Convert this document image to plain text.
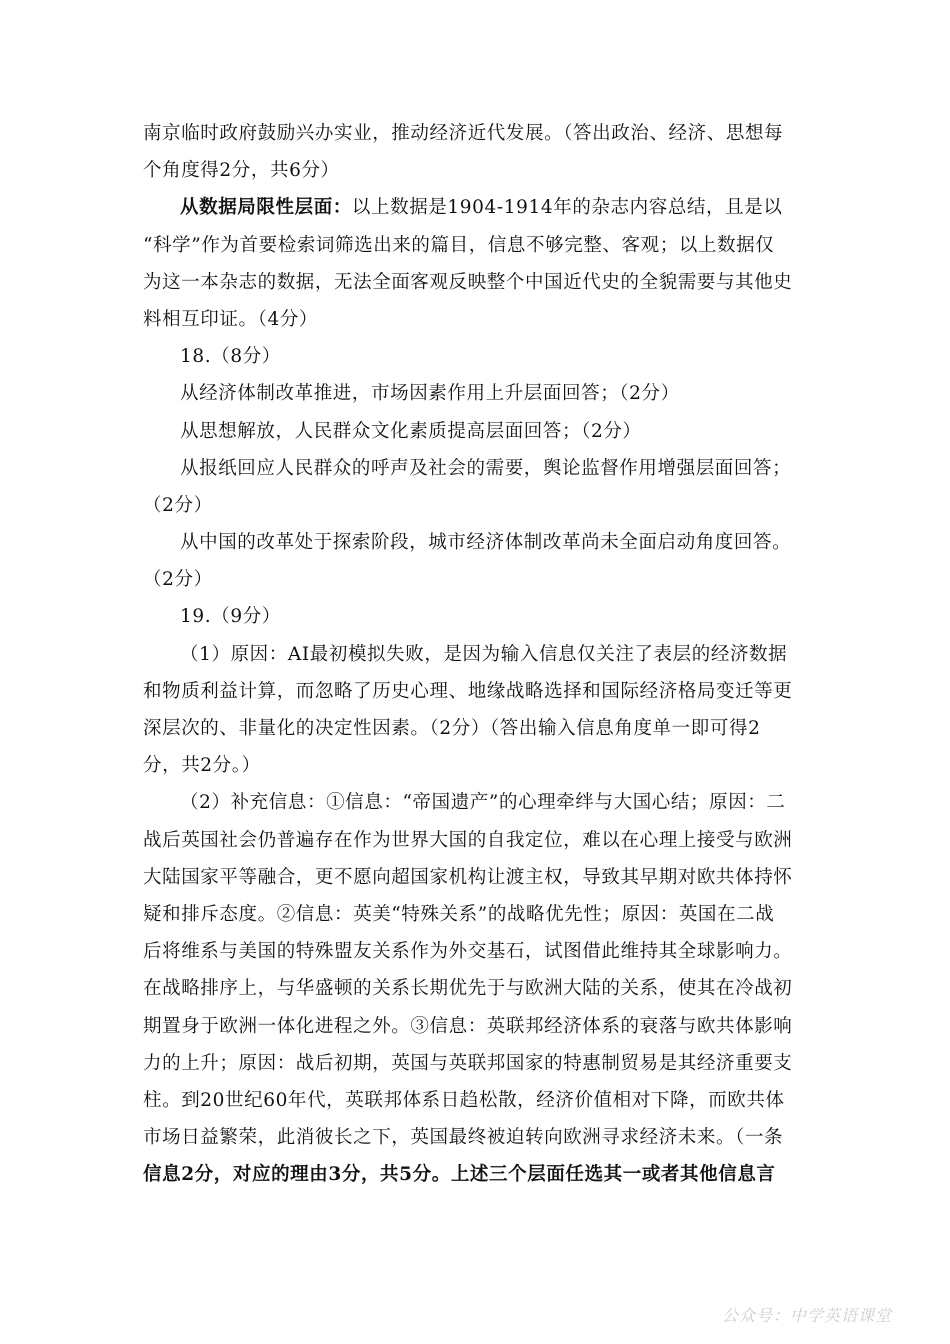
南京临时政府鼓励兴办实业，推动经济近代发展。（答出政治、经济、思想每
个角度得2分，共6分）
从数据局限性层面：以上数据是1904-1914年的杂志内容总结，且是以
“科学”作为首要检索词筛选出来的篇目，信息不够完整、客观；以上数据仅
为这一本杂志的数据，无法全面客观反映整个中国近代史的全貌需要与其他史
料相互印证。（4分）
18.（8分）
从经济体制改革推进，市场因素作用上升层面回答；（2分）
从思想解放，人民群众文化素质提高层面回答；（2分）
从报纸回应人民群众的呼声及社会的需要，舆论监督作用增强层面回答；
（2分）
从中国的改革处于探索阶段，城市经济体制改革尚未全面启动角度回答。
（2分）
19.（9分）
（1）原因：AI最初模拟失败，是因为输入信息仅关注了表层的经济数据
和物质利益计算，而忽略了历史心理、地缘战略选择和国际经济格局变迁等更
深层次的、非量化的决定性因素。（2分）（答出输入信息角度单一即可得2
分，共2分。）
（2）补充信息：①信息：“帝国遗产”的心理牵绊与大国心结；原因：二
战后英国社会仍普遍存在作为世界大国的自我定位，难以在心理上接受与欧洲
大陆国家平等融合，更不愿向超国家机构让渡主权，导致其早期对欧共体持怀
疑和排斥态度。②信息：英美“特殊关系”的战略优先性；原因：英国在二战
后将维系与美国的特殊盟友关系作为外交基石，试图借此维持其全球影响力。
在战略排序上，与华盛顿的关系长期优先于与欧洲大陆的关系，使其在冷战初
期置身于欧洲一体化进程之外。③信息：英联邦经济体系的衰落与欧共体影响
力的上升；原因：战后初期，英国与英联邦国家的特惠制贸易是其经济重要支
柱。到20世纪60年代，英联邦体系日趋松散，经济价值相对下降，而欧共体
市场日益繁荣，此消彼长之下，英国最终被迫转向欧洲寻求经济未来。（一条
信息2分，对应的理由3分，共5分。上述三个层面任选其一或者其他信息言
公众号：中学英语课堂
